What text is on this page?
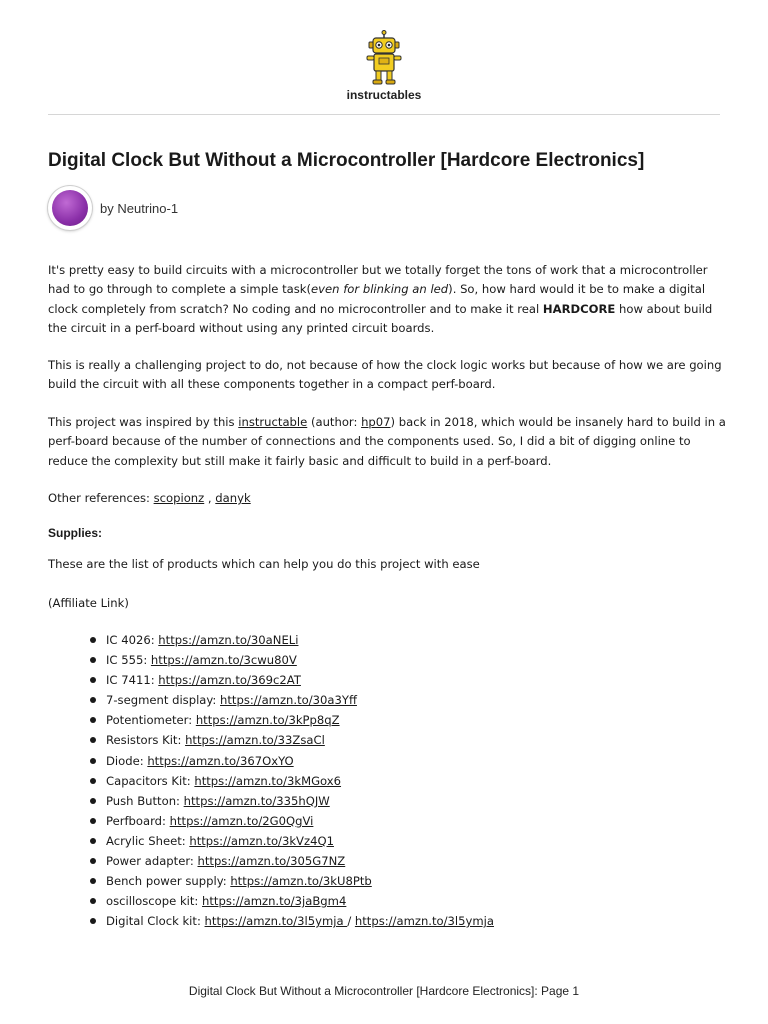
instructables
Digital Clock But Without a Microcontroller [Hardcore Electronics]
by Neutrino-1
It's pretty easy to build circuits with a microcontroller but we totally forget the tons of work that a microcontroller had to go through to complete a simple task(even for blinking an led). So, how hard would it be to make a digital clock completely from scratch? No coding and no microcontroller and to make it real HARDCORE how about build the circuit in a perf-board without using any printed circuit boards.
This is really a challenging project to do, not because of how the clock logic works but because of how we are going build the circuit with all these components together in a compact perf-board.
This project was inspired by this instructable (author: hp07) back in 2018, which would be insanely hard to build in a perf-board because of the number of connections and the components used. So, I did a bit of digging online to reduce the complexity but still make it fairly basic and difficult to build in a perf-board.
Other references: scopionz , danyk
Supplies:
These are the list of products which can help you do this project with ease
(Affiliate Link)
IC 4026: https://amzn.to/30aNELi
IC 555: https://amzn.to/3cwu80V
IC 7411: https://amzn.to/369c2AT
7-segment display: https://amzn.to/30a3Yff
Potentiometer: https://amzn.to/3kPp8qZ
Resistors Kit: https://amzn.to/33ZsaCl
Diode: https://amzn.to/367OxYO
Capacitors Kit: https://amzn.to/3kMGox6
Push Button: https://amzn.to/335hQJW
Perfboard: https://amzn.to/2G0QgVi
Acrylic Sheet: https://amzn.to/3kVz4Q1
Power adapter: https://amzn.to/305G7NZ
Bench power supply: https://amzn.to/3kU8Ptb
oscilloscope kit: https://amzn.to/3jaBgm4
Digital Clock kit: https://amzn.to/3l5ymja / https://amzn.to/3l5ymja
Digital Clock But Without a Microcontroller [Hardcore Electronics]: Page 1
